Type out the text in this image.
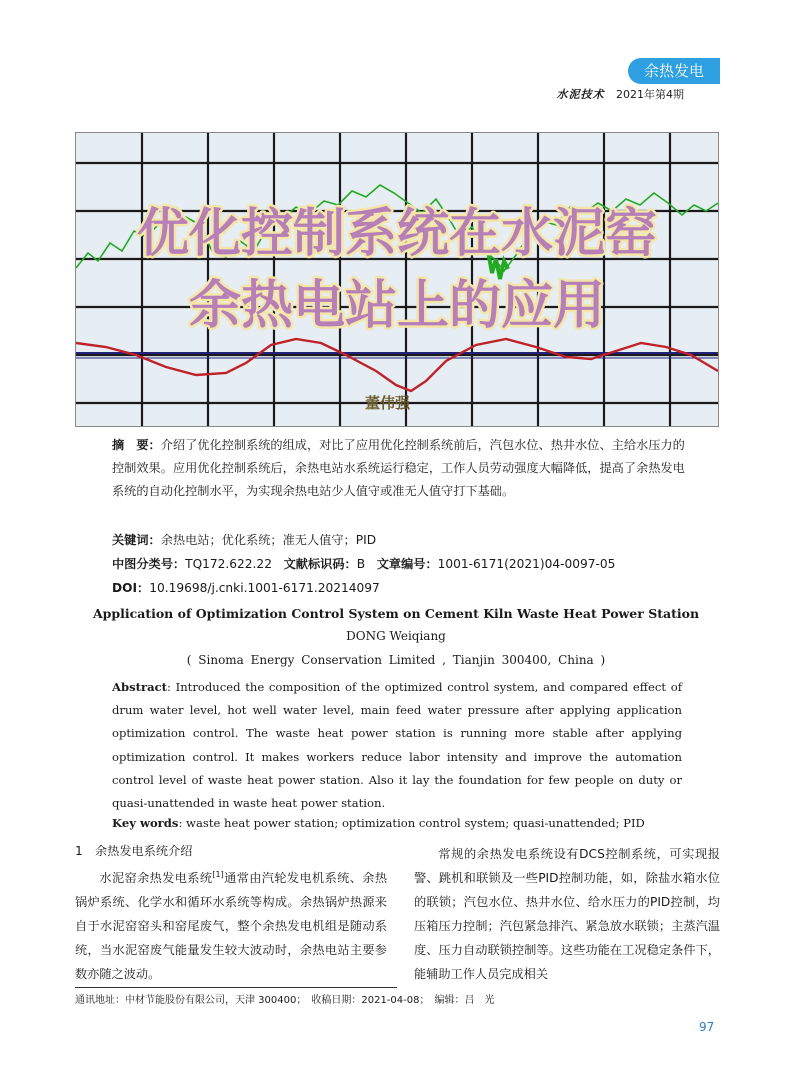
余热发电
水泥技术 2021年第4期
优化控制系统在水泥窑
余热电站上的应用
董伟强
摘　要：介绍了优化控制系统的组成，对比了应用优化控制系统前后，汽包水位、热井水位、主给水压力的控制效果。应用优化控制系统后，余热电站水系统运行稳定，工作人员劳动强度大幅降低，提高了余热发电系统的自动化控制水平，为实现余热电站少人值守或准无人值守打下基础。
关键词：余热电站；优化系统；准无人值守；PID
中图分类号：TQ172.622.22 文献标识码：B 文章编号：1001-6171(2021)04-0097-05
DOI：10.19698/j.cnki.1001-6171.20214097
Application of Optimization Control System on Cement Kiln Waste Heat Power Station
DONG Weiqiang
( Sinoma Energy Conservation Limited , Tianjin 300400, China )
Abstract: Introduced the composition of the optimized control system, and compared effect of drum water level, hot well water level, main feed water pressure after applying application optimization control. The waste heat power station is running more stable after applying optimization control. It makes workers reduce labor intensity and improve the automation control level of waste heat power station. Also it lay the foundation for few people on duty or quasi-unattended in waste heat power station.
Key words: waste heat power station; optimization control system; quasi-unattended; PID
1　余热发电系统介绍
水泥窑余热发电系统[1]通常由汽轮发电机系统、余热锅炉系统、化学水和循环水系统等构成。余热锅炉热源来自于水泥窑窑头和窑尾废气，整个余热发电机组是随动系统，当水泥窑废气能量发生较大波动时，余热电站主要参数亦随之波动。
常规的余热发电系统设有DCS控制系统，可实现报警、跳机和联锁及一些PID控制功能，如，除盐水箱水位的联锁；汽包水位、热井水位、给水压力的PID控制，均压箱压力控制；汽包紧急排汽、紧急放水联锁；主蒸汽温度、压力自动联锁控制等。这些功能在工况稳定条件下，能辅助工作人员完成相关
通讯地址：中材节能股份有限公司，天津 300400；　收稿日期：2021-04-08；　编辑：吕　光
97
